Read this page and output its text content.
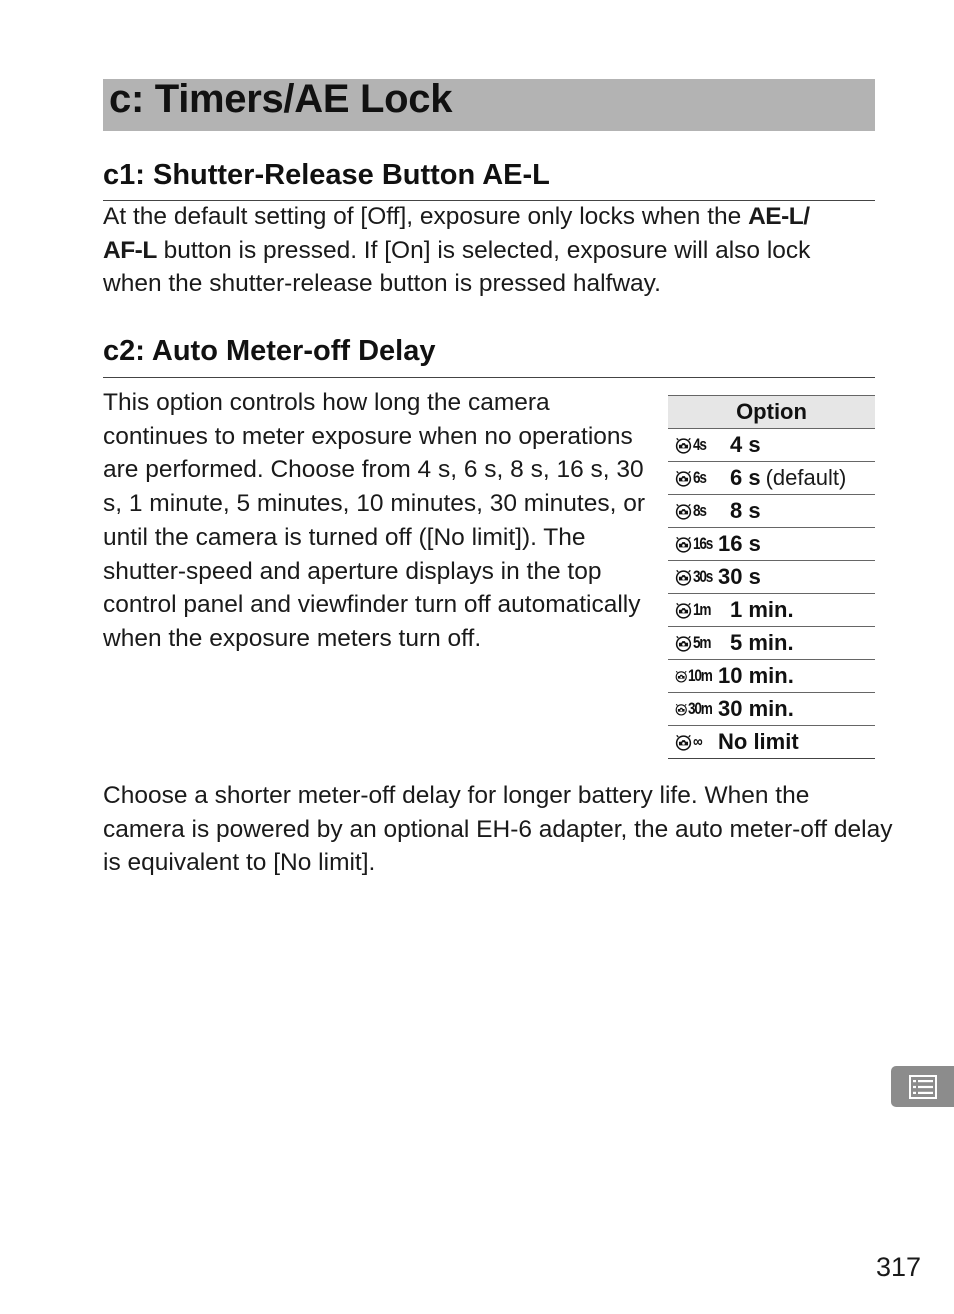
c: Timers/AE Lock
c1: Shutter-Release Button AE-L

At the default setting of [Off], exposure only locks when the AE-L/
AF-L button is pressed. If [On] is selected, exposure will also lock when the shutter-release button is pressed halfway.

c2: Auto Meter-off Delay

This option controls how long the camera continues to meter exposure when no operations are performed. Choose from 4 s, 6 s, 8 s, 16 s, 30 s, 1 minute, 5 minutes, 10 minutes, 30 minutes, or until the camera is turned off ([No limit]). The shutter-speed and aperture displays in the top control panel and viewfinder turn off automatically when the exposure meters turn off.

Option

4s 4 s

6s 6 s (default)

8s 8 s

16s 16 s

30s 30 s

1m 1 min.

5m 5 min.

10m 10 min.

30m 30 min.

∞ No limit

Choose a shorter meter-off delay for longer battery life. When the camera is powered by an optional EH-6 adapter, the auto meter-off delay is equivalent to [No limit].

317
